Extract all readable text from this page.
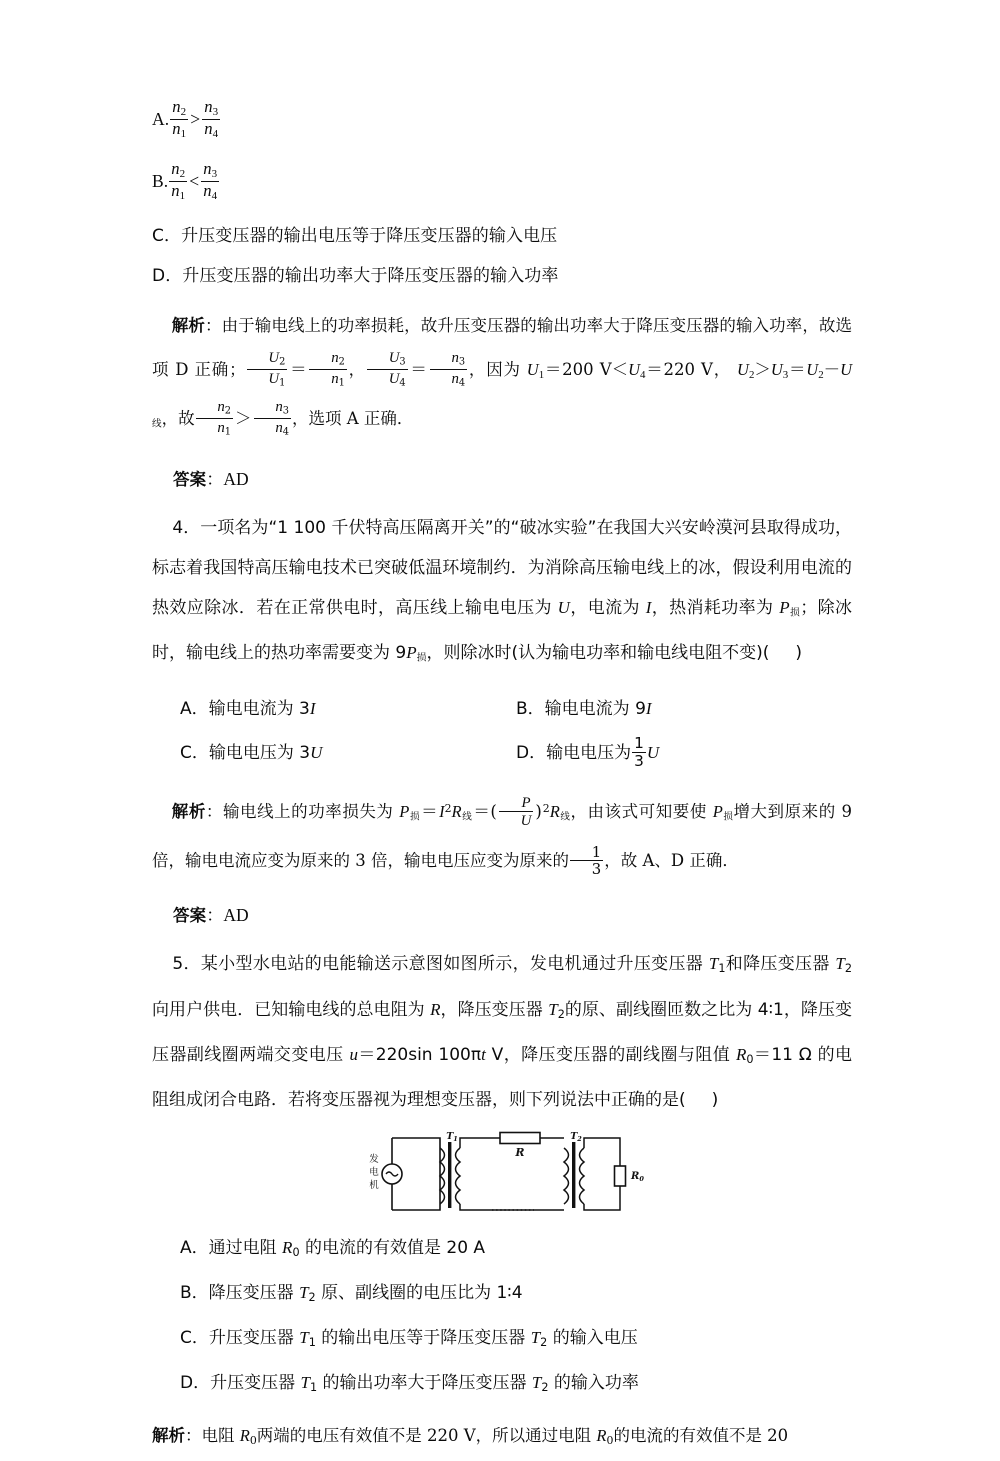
A. $\frac{n_2}{n_1} > \frac{n_3}{n_4}$
B. $\frac{n_2}{n_1} < \frac{n_3}{n_4}$
C．升压变压器的输出电压等于降压变压器的输入电压
D．升压变压器的输出功率大于降压变压器的输入功率
解析：由于输电线上的功率损耗，故升压变压器的输出功率大于降压变压器的输入功率，故选项 D 正确； $\frac{U_2}{U_1} = \frac{n_2}{n_1}$ ， $\frac{U_3}{U_4} = \frac{n_3}{n_4}$ ，因为 $U_1=200$ $V<U_4=220$ V， $U_2>U_3=U_2-U_线$，故 $\frac{n_2}{n_1} > \frac{n_3}{n_4}$ ，选项 A 正确．
答案：AD
4．一项名为“1 100 千伏特高压隔离开关”的“破冰实验”在我国大兴安岭漠河县取得成功，标志着我国特高压输电技术已突破低温环境制约．为消除高压输电线上的冰，假设利用电流的热效应除冰．若在正常供电时，高压线上输电电压为 U，电流为 I，热消耗功率为 $P_损$；除冰时，输电线上的热功率需要变为 $9P_损$，则除冰时(认为输电功率和输电线电阻不变)( )
A．输电电流为 3I	B．输电电流为 9I
C．输电电压为 3U	D．输电电压为 $\frac{1}{3}$ U
解析：输电线上的功率损失为 $P_损=I^2R_线=( \frac{P}{U} )^2R_线$，由该式可知要使 $P_损$增大到原来的 9 倍，输电电流应变为原来的 3 倍，输电电压应变为原来的 $\frac{1}{3}$ ，故 A、D 正确．
答案：AD
5．某小型水电站的电能输送示意图如图所示，发电机通过升压变压器 $T_1$和降压变压器 $T_2$向用户供电．已知输电线的总电阻为 R，降压变压器 $T_2$的原、副线圈匝数之比为 4∶1，降压变压器副线圈两端交变电压 u＝220sin 100πt V，降压变压器的副线圈与阻值 $R_0=11$ Ω 的电阻组成闭合电路．若将变压器视为理想变压器，则下列说法中正确的是( )
发
电
机
$T_1$
R
$T_2$
$R_0$
A．通过电阻 $R_0$ 的电流的有效值是 20 A
B．降压变压器 $T_2$ 原、副线圈的电压比为 1∶4
C．升压变压器 $T_1$ 的输出电压等于降压变压器 $T_2$ 的输入电压
D．升压变压器 $T_1$ 的输出功率大于降压变压器 $T_2$ 的输入功率
解析：电阻 $R_0$两端的电压有效值不是 220 V，所以通过电阻 $R_0$的电流的有效值不是 20
